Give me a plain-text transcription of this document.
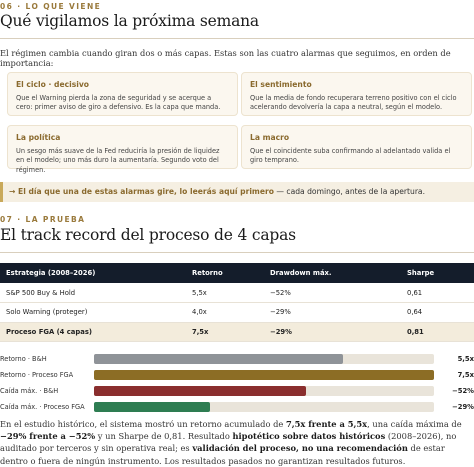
06 · LO QUE VIENE
Qué vigilamos la próxima semana
El régimen cambia cuando giran dos o más capas. Estas son las cuatro alarmas que seguimos, en orden de importancia:
El ciclo · decisivo
Que el Warning pierda la zona de seguridad y se acerque a cero: primer aviso de giro a defensivo. Es la capa que manda.
El sentimiento
Que la media de fondo recuperara terreno positivo con el ciclo acelerando devolvería la capa a neutral, según el modelo.
La política
Un sesgo más suave de la Fed reduciría la presión de liquidez en el modelo; uno más duro la aumentaría. Segundo voto del régimen.
La macro
Que el coincidente suba confirmando al adelantado valida el giro temprano.
→ El día que una de estas alarmas gire, lo leerás aquí primero — cada domingo, antes de la apertura.
07 · LA PRUEBA
El track record del proceso de 4 capas
Estrategia (2008–2026)	Retorno	Drawdown máx.	Sharpe
S&P 500 Buy & Hold	5,5x	−52%	0,61
Solo Warning (proteger)	4,0x	−29%	0,64
Proceso FGA (4 capas)	7,5x	−29%	0,81
Retorno · B&H	5,5x
Retorno · Proceso FGA	7,5x
Caída máx. · B&H	−52%
Caída máx. · Proceso FGA	−29%
En el estudio histórico, el sistema mostró un retorno acumulado de 7,5x frente a 5,5x, una caída máxima de −29% frente a −52% y un Sharpe de 0,81. Resultado hipotético sobre datos históricos (2008–2026), no auditado por terceros y sin operativa real; es validación del proceso, no una recomendación de estar dentro o fuera de ningún instrumento. Los resultados pasados no garantizan resultados futuros.
